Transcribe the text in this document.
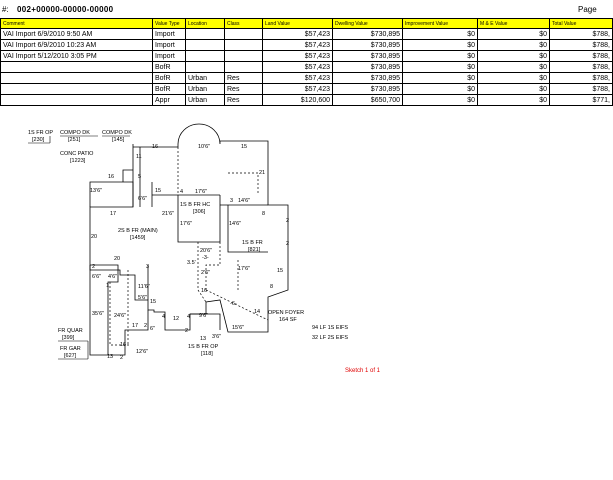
#: 002+00000-00000-00000	Page
Comment	Value Type	Location	Class	Land Value	Dwelling Value	Improvement Value	M & E Value	Total Value
VAI Import 6/9/2010 9:50 AM	Import			$57,423	$730,895	$0	$0	$788,
VAI Import 6/9/2010 10:23 AM	Import			$57,423	$730,895	$0	$0	$788,
VAI Import 5/12/2010 3:05 PM	Import			$57,423	$730,895	$0	$0	$788,
	BofR			$57,423	$730,895	$0	$0	$788,
	BofR	Urban	Res	$57,423	$730,895	$0	$0	$788,
	BofR	Urban	Res	$57,423	$730,895	$0	$0	$788,
	Appr	Urban	Res	$120,600	$650,700	$0	$0	$771,
10'6"
16	15
11
16	5
13'6"	15
6'6"
4 17'6"
21
3 14'6"
17	21'6"
20
17'6"	14'6"
8
2
20'6"
3.5'
-3-
2'6"
17'6"	15
2
8
16
20
2	3
6'6" 4'6"
1	11'6"
5'6"
15
35'6" 24'6"
17 2 6"
12
4	9'6"
4
15'6"
14
-6-
16
12'6"
13 2
13 3'6"
2
1S FR OP
[230]
COMPO DK
[251]
COMPO DK
[145]
CONC PATIO
[1223]
2S B FR (MAIN)
[1459]
1S B FR HC
[306]
1S B FR
[821]
OPEN FOYER
164 SF
94 LF 1S EIFS
32 LF 2S EIFS
FR QUAR
[399]
FR GAR
[627]
1S B FR OP
[118]
Sketch 1 of 1
